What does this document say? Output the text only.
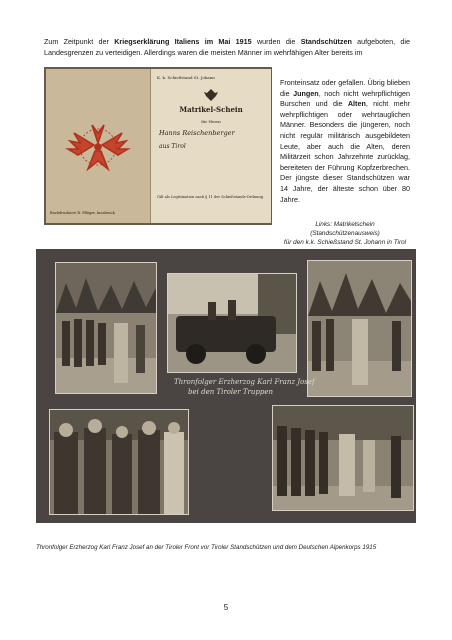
Zum Zeitpunkt der Kriegserklärung Italiens im Mai 1915 wurden die Standschützen aufgeboten, die Landesgrenzen zu verteidigen. Allerdings waren die meisten Männer im wehrfähigen Alter bereits im
Buchdruckerei R. Pfläger, Innsbruck
K. k. Schießstand St. Johann
Matrikel-Schein
für Herrn
Hanns Reischenberger
aus Tirol
Gilt als Legitimation nach § 11 der Schießstands-Ordnung
Fronteinsatz oder gefallen. Übrig blieben die Jungen, noch nicht wehrpflichtigen Burschen und die Alten, nicht mehr wehrpflichtigen oder wehrtauglichen Männer. Besonders die jüngeren, noch nicht regulär militärisch ausgebildeten Leute, aber auch die Alten, deren Militärzeit schon Jahrzehnte zurücklag, bereiteten der Führung Kopfzerbrechen. Der jüngste dieser Standschützen war 14 Jahre, der älteste schon über 80 Jahre.
Links: Matrikelschein (Standschützenausweis)
für den k.k. Schießstand St. Johann in Tirol
Thronfolger Erzherzog Karl Franz Josef
bei den Tiroler Truppen
Thronfolger Erzherzog Karl Franz Josef an der Tiroler Front vor Tiroler Standschützen und dem Deutschen Alpenkorps 1915
5
